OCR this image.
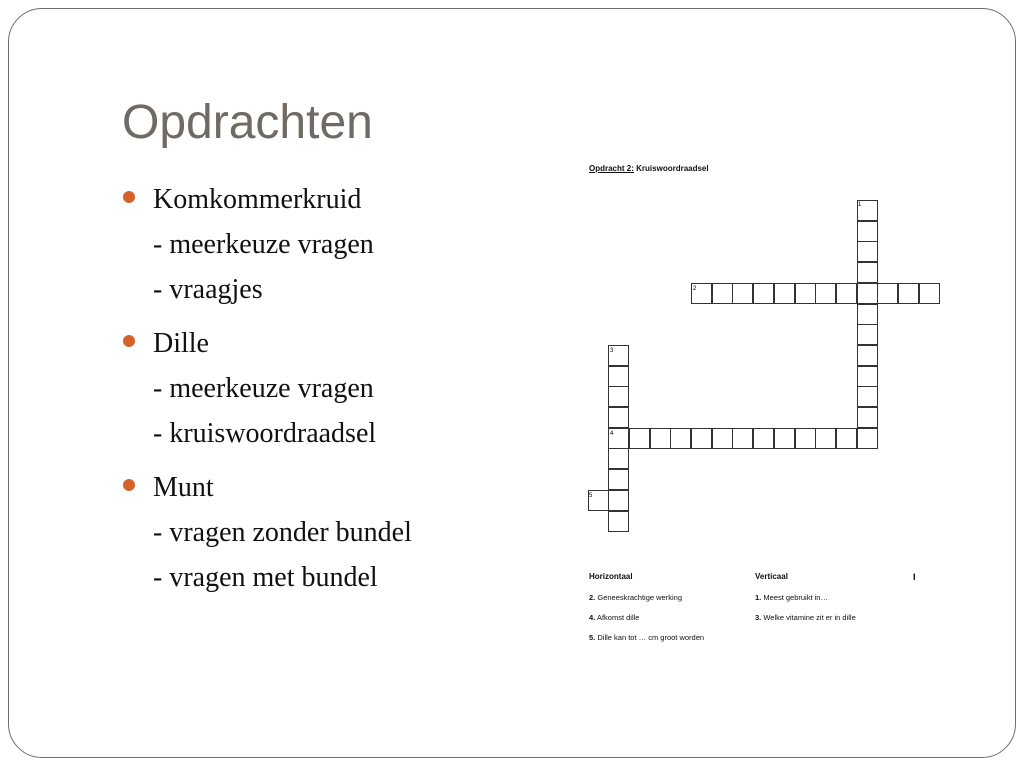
Opdrachten
Komkommerkruid
- meerkeuze vragen
- vraagjes
Dille
- meerkeuze vragen
- kruiswoordraadsel
Munt
- vragen zonder bundel
- vragen met bundel
Opdracht 2: Kruiswoordraadsel
1
2
3
4
5
Horizontaal
2. Geneeskrachtige werking
4. Afkomst dille
5. Dille kan tot … cm groot worden
Verticaal
1. Meest gebruikt in…
3. Welke vitamine zit er in dille
I
